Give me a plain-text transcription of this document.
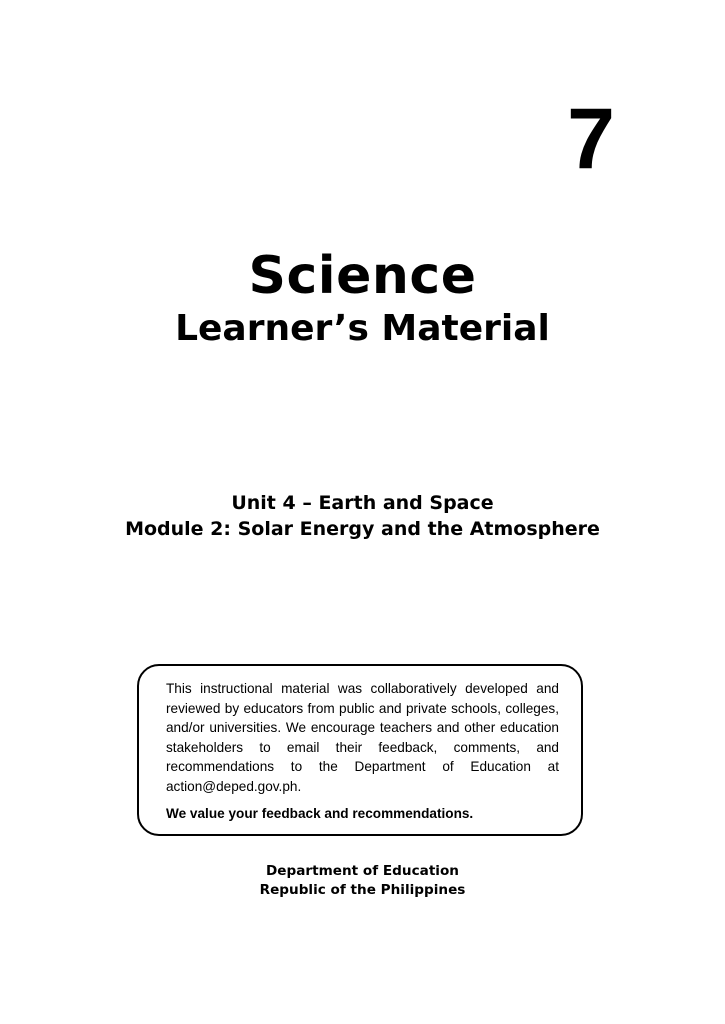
7
Science
Learner’s Material
Unit 4 – Earth and Space
Module 2: Solar Energy and the Atmosphere

This instructional material was collaboratively developed and reviewed by educators from public and private schools, colleges, and/or universities. We encourage teachers and other education stakeholders to email their feedback, comments, and recommendations to the Department of Education at action@deped.gov.ph.

We value your feedback and recommendations.

Department of Education
Republic of the Philippines
